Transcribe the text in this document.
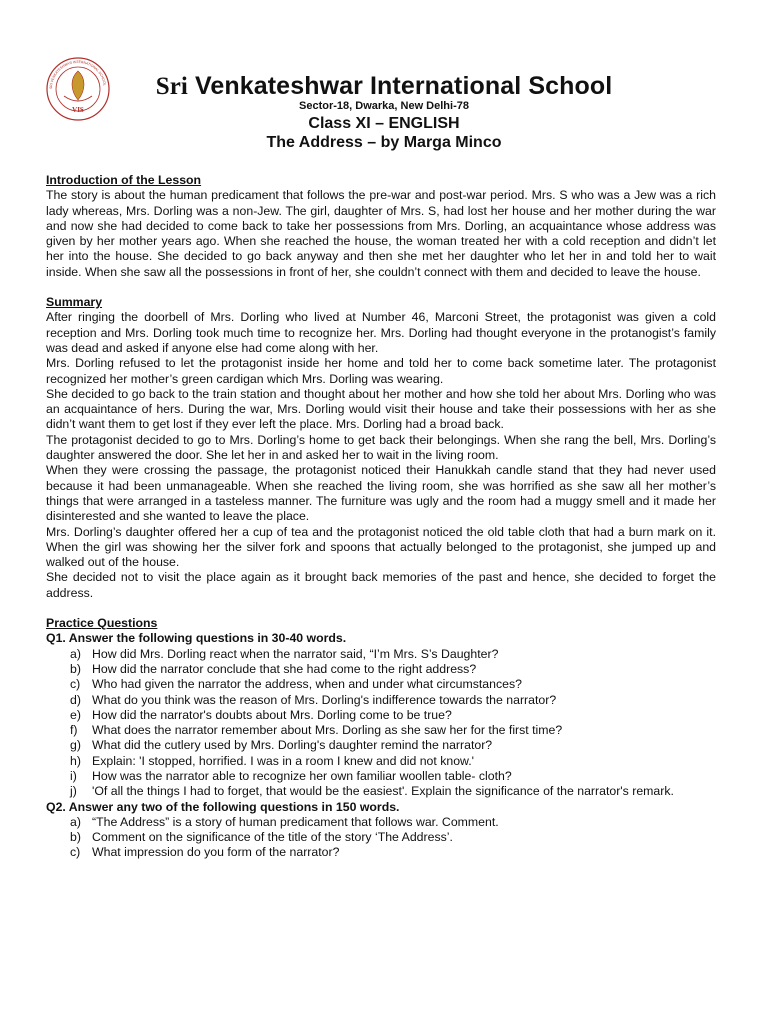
VIS
SRI VENKATESHWAR INTERNATIONAL SCHOOL	Sri Venkateshwar International School
Sector-18, Dwarka, New Delhi-78
Class XI – ENGLISH
The Address – by Marga Minco

Introduction of the Lesson

The story is about the human predicament that follows the pre-war and post-war period. Mrs. S who was a Jew was a rich lady whereas, Mrs. Dorling was a non-Jew. The girl, daughter of Mrs. S, had lost her house and her mother during the war and now she had decided to come back to take her possessions from Mrs. Dorling, an acquaintance whose address was given by her mother years ago. When she reached the house, the woman treated her with a cold reception and didn’t let her into the house. She decided to go back anyway and then she met her daughter who let her in and told her to wait inside. When she saw all the possessions in front of her, she couldn’t connect with them and decided to leave the house.

Summary

After ringing the doorbell of Mrs. Dorling who lived at Number 46, Marconi Street, the protagonist was given a cold reception and Mrs. Dorling took much time to recognize her. Mrs. Dorling had thought everyone in the protanogist’s family was dead and asked if anyone else had come along with her.

Mrs. Dorling refused to let the protagonist inside her home and told her to come back sometime later. The protagonist recognized her mother’s green cardigan which Mrs. Dorling was wearing.

She decided to go back to the train station and thought about her mother and how she told her about Mrs. Dorling who was an acquaintance of hers. During the war, Mrs. Dorling would visit their house and take their possessions with her as she didn’t want them to get lost if they ever left the place. Mrs. Dorling had a broad back.

The protagonist decided to go to Mrs. Dorling’s home to get back their belongings. When she rang the bell, Mrs. Dorling’s daughter answered the door. She let her in and asked her to wait in the living room.

When they were crossing the passage, the protagonist noticed their Hanukkah candle stand that they had never used because it had been unmanageable. When she reached the living room, she was horrified as she saw all her mother’s things that were arranged in a tasteless manner. The furniture was ugly and the room had a muggy smell and it made her disinterested and she wanted to leave the place.

Mrs. Dorling’s daughter offered her a cup of tea and the protagonist noticed the old table cloth that had a burn mark on it. When the girl was showing her the silver fork and spoons that actually belonged to the protagonist, she jumped up and walked out of the house.

She decided not to visit the place again as it brought back memories of the past and hence, she decided to forget the address.

Practice Questions

Q1. Answer the following questions in 30-40 words.

a) How did Mrs. Dorling react when the narrator said, “I’m Mrs. S’s Daughter?
b) How did the narrator conclude that she had come to the right address?
c) Who had given the narrator the address, when and under what circumstances?
d) What do you think was the reason of Mrs. Dorling's indifference towards the narrator?
e) How did the narrator's doubts about Mrs. Dorling come to be true?
f)	What does the narrator remember about Mrs. Dorling as she saw her for the first time?
g) What did the cutlery used by Mrs. Dorling's daughter remind the narrator?
h) Explain: 'I stopped, horrified. I was in a room I knew and did not know.'
i)	How was the narrator able to recognize her own familiar woollen table- cloth?
j)	'Of all the things I had to forget, that would be the easiest'. Explain the significance of the narrator's remark.

Q2. Answer any two of the following questions in 150 words.

a) “The Address” is a story of human predicament that follows war. Comment.
b) Comment on the significance of the title of the story ‘The Address’.
c) What impression do you form of the narrator?
